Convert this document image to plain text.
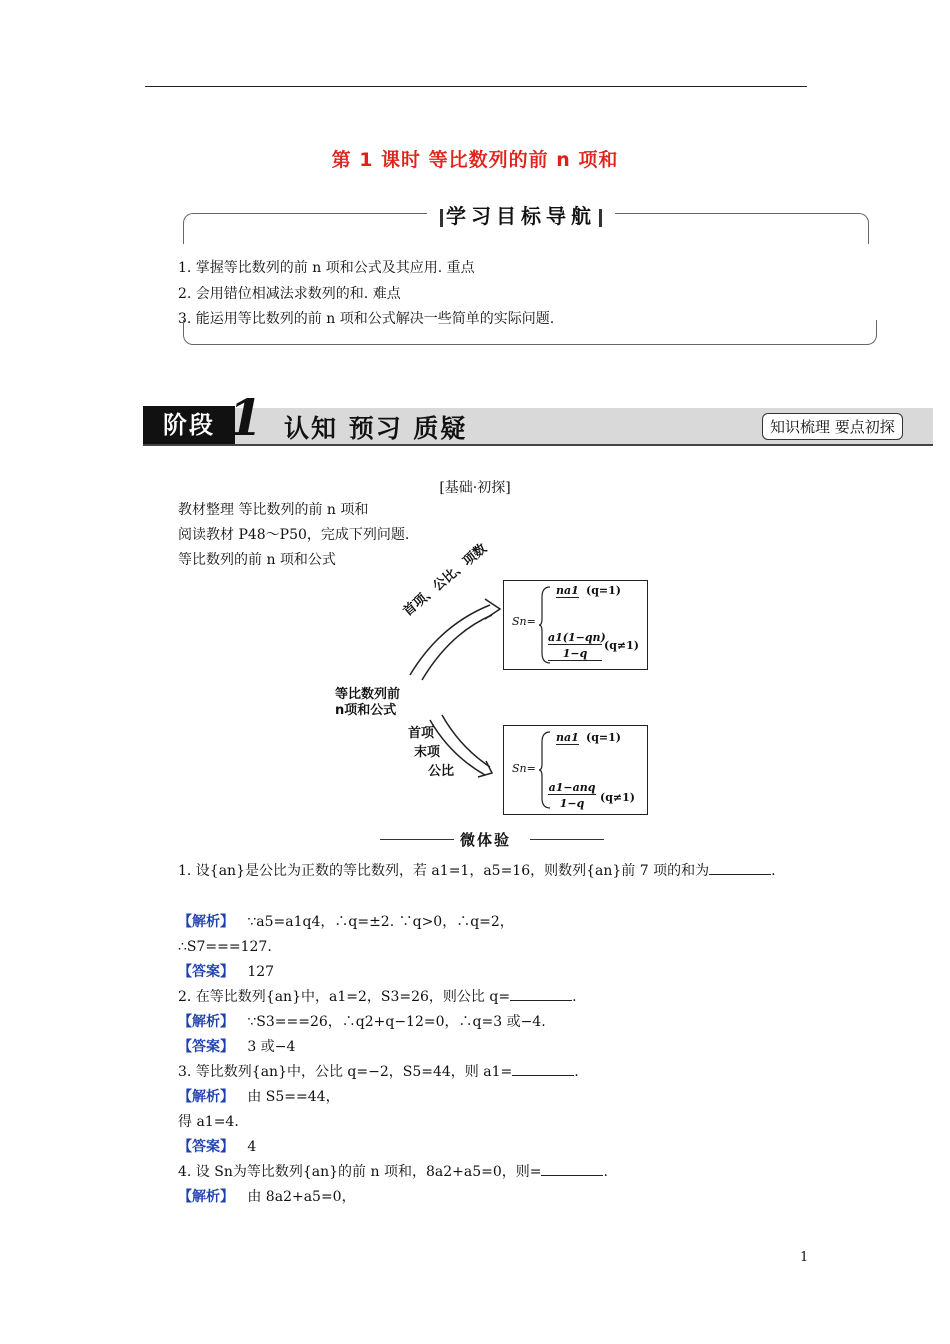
第 1 课时 等比数列的前 n 项和
学习目标导航
1. 掌握等比数列的前 n 项和公式及其应用. 重点
2. 会用错位相减法求数列的和. 难点
3. 能运用等比数列的前 n 项和公式解决一些简单的实际问题.
阶段 1 认知 预习 质疑	知识梳理 要点初探
[基础·初探]
教材整理 等比数列的前 n 项和
阅读教材 P48～P50，完成下列问题.
等比数列的前 n 项和公式	首项、公比、项数
等比数列前
n项和公式
首项
末项
公比
Sn=
na1 (q=1)
a1(1−qn)
1−q
(q≠1)
Sn=
na1 (q=1)
a1−anq
1−q	(q≠1)
微体验
1. 设{an}是公比为正数的等比数列，若 a1=1，a5=16，则数列{an}前 7 项的和为	.
【解析】 ∵a5=a1q4，∴q=±2. ∵q>0，∴q=2，
∴S7===127.
【答案】 127
2. 在等比数列{an}中，a1=2，S3=26，则公比 q=	.
【解析】 ∵S3===26，∴q2+q−12=0，∴q=3 或−4.
【答案】 3 或−4
3. 等比数列{an}中，公比 q=−2，S5=44，则 a1=	.
【解析】 由 S5==44，
得 a1=4.
【答案】 4
4. 设 Sn为等比数列{an}的前 n 项和，8a2+a5=0，则=	.
【解析】 由 8a2+a5=0，
1
